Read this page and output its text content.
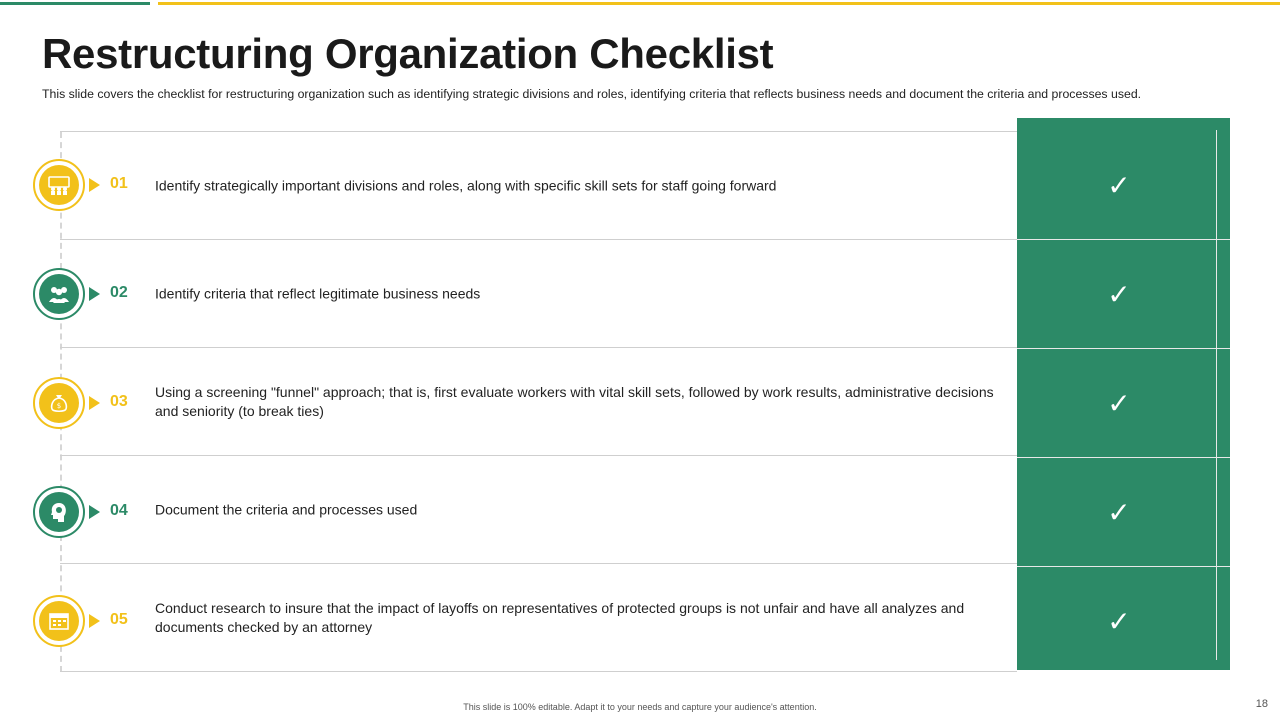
Restructuring Organization Checklist
This slide covers the checklist for restructuring organization such as identifying strategic divisions and roles, identifying criteria that reflects business needs and document the criteria and processes used.
Identify strategically important divisions and roles, along with specific skill sets for staff going forward
Identify criteria that reflect legitimate business needs
Using a screening "funnel" approach; that is, first evaluate workers with vital skill sets, followed by work results, administrative decisions and seniority (to break ties)
Document the criteria and processes used
Conduct research to insure that the impact of layoffs on representatives of protected groups is not unfair and have all analyzes and documents checked by an attorney
01
02
$	03
04
05
✓
✓
✓
✓
✓
This slide is 100% editable. Adapt it to your needs and capture your audience's attention.	18
